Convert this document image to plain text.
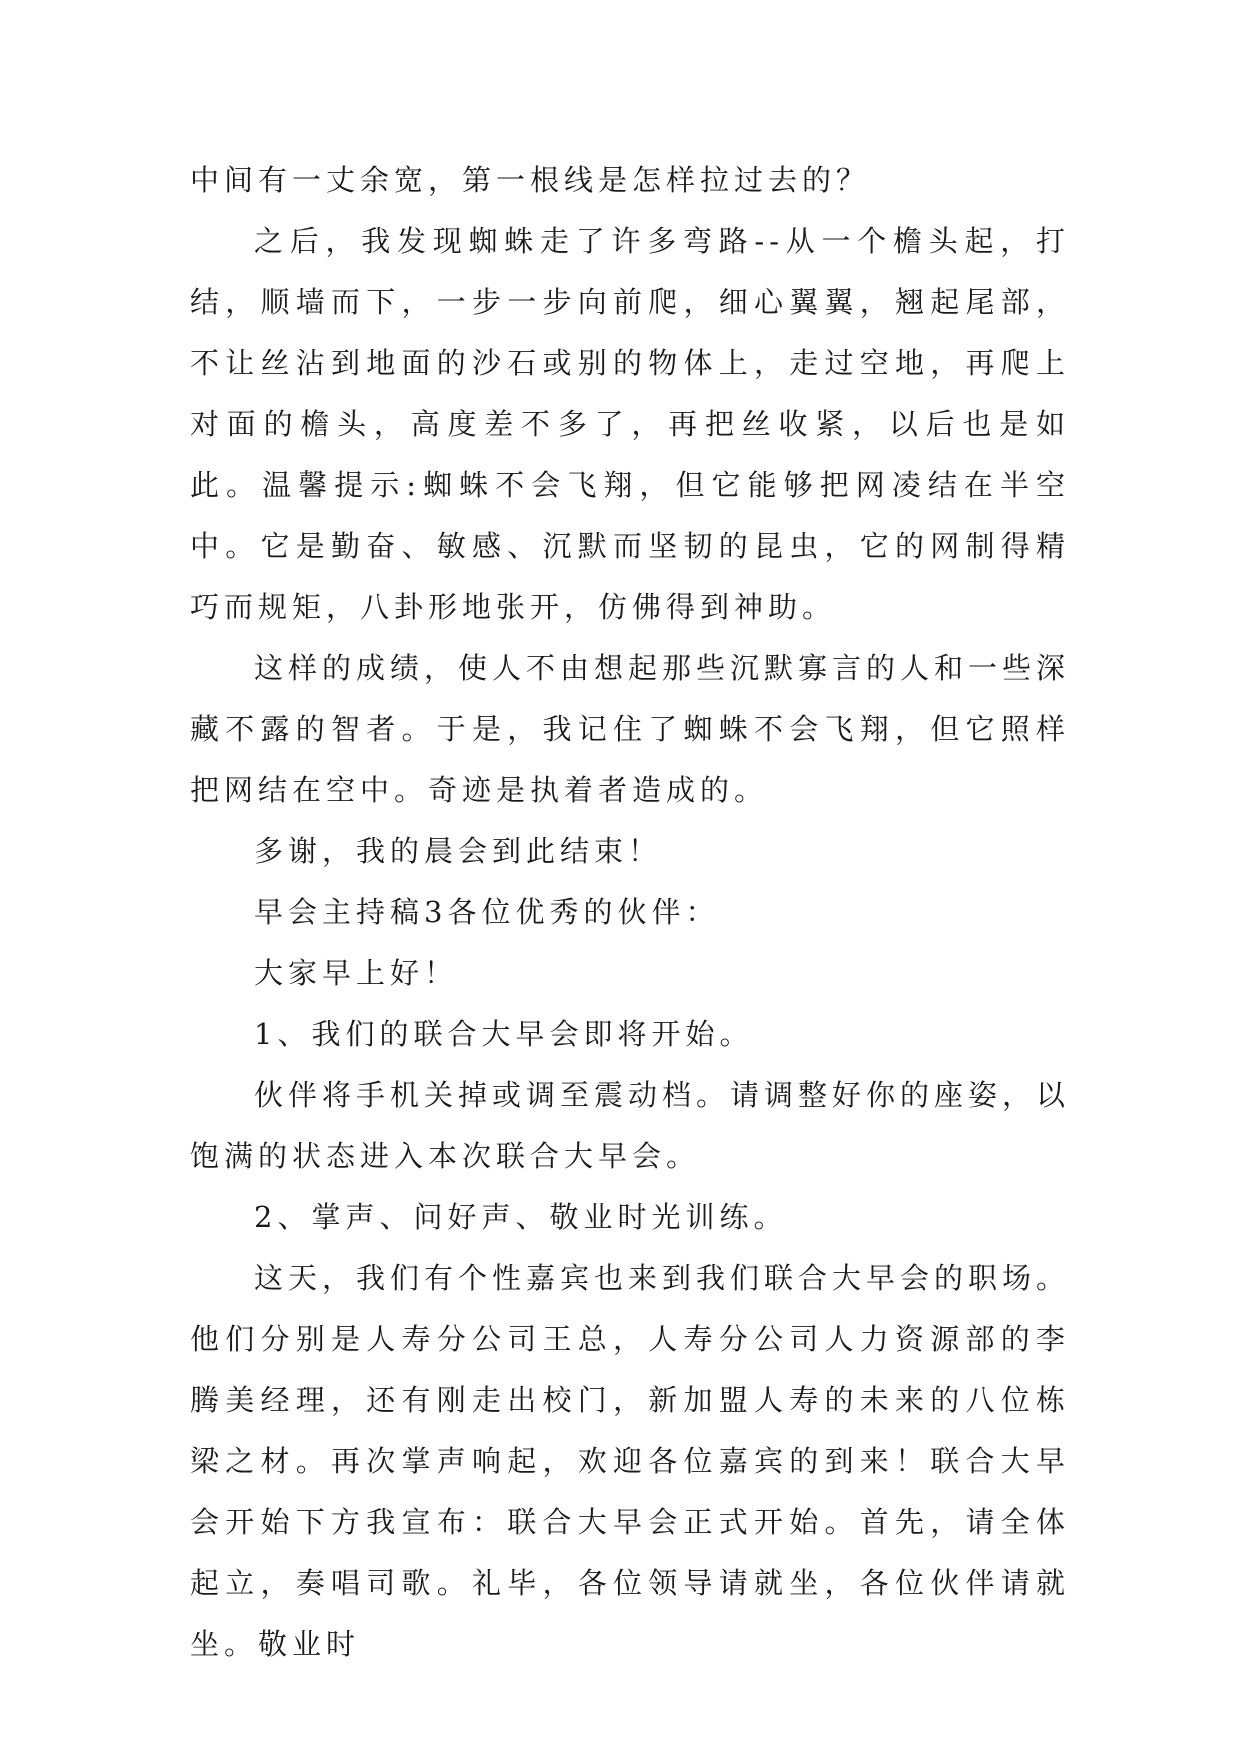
中间有一丈余宽，第一根线是怎样拉过去的？

之后，我发现蜘蛛走了许多弯路--从一个檐头起，打结，顺墙而下，一步一步向前爬，细心翼翼，翘起尾部，不让丝沾到地面的沙石或别的物体上，走过空地，再爬上对面的檐头，高度差不多了，再把丝收紧，以后也是如此。温馨提示:蜘蛛不会飞翔，但它能够把网凌结在半空中。它是勤奋、敏感、沉默而坚韧的昆虫，它的网制得精巧而规矩，八卦形地张开，仿佛得到神助。

这样的成绩，使人不由想起那些沉默寡言的人和一些深藏不露的智者。于是，我记住了蜘蛛不会飞翔，但它照样把网结在空中。奇迹是执着者造成的。

多谢，我的晨会到此结束！

早会主持稿3各位优秀的伙伴：

大家早上好！

1、我们的联合大早会即将开始。

伙伴将手机关掉或调至震动档。请调整好你的座姿，以饱满的状态进入本次联合大早会。

2、掌声、问好声、敬业时光训练。

这天，我们有个性嘉宾也来到我们联合大早会的职场。他们分别是人寿分公司王总，人寿分公司人力资源部的李腾美经理，还有刚走出校门，新加盟人寿的未来的八位栋梁之材。再次掌声响起，欢迎各位嘉宾的到来！联合大早会开始下方我宣布：联合大早会正式开始。首先，请全体起立，奏唱司歌。礼毕，各位领导请就坐，各位伙伴请就坐。敬业时
